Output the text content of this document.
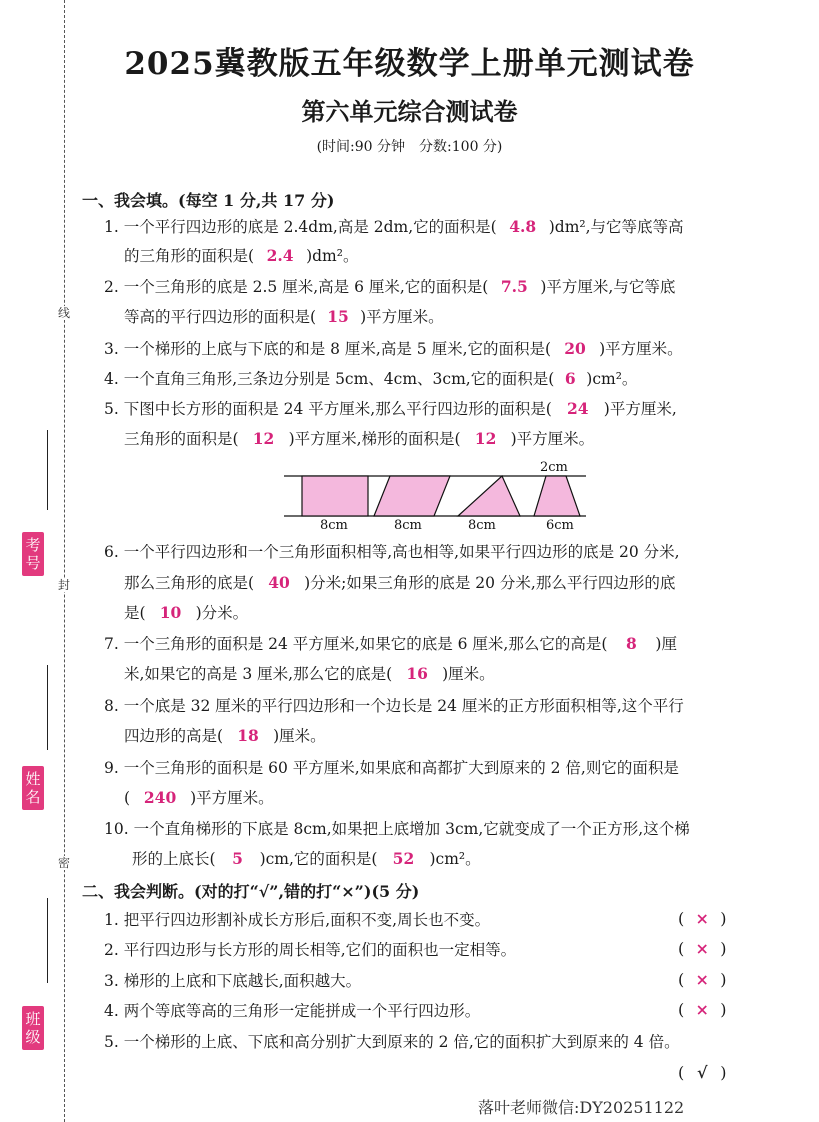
线
封
密
考号
姓名
班级
2025冀教版五年级数学上册单元测试卷
第六单元综合测试卷
(时间:90 分钟　分数:100 分)
一、我会填。(每空 1 分,共 17 分)
1. 一个平行四边形的底是 2.4dm,高是 2dm,它的面积是( 4.8 )dm²,与它等底等高
的三角形的面积是( 2.4 )dm²。
2. 一个三角形的底是 2.5 厘米,高是 6 厘米,它的面积是( 7.5 )平方厘米,与它等底
等高的平行四边形的面积是( 15 )平方厘米。
3. 一个梯形的上底与下底的和是 8 厘米,高是 5 厘米,它的面积是( 20 )平方厘米。
4. 一个直角三角形,三条边分别是 5cm、4cm、3cm,它的面积是( 6 )cm²。
5. 下图中长方形的面积是 24 平方厘米,那么平行四边形的面积是( 24 )平方厘米,
三角形的面积是( 12 )平方厘米,梯形的面积是( 12 )平方厘米。
2cm
8cm	8cm	8cm	6cm
6. 一个平行四边形和一个三角形面积相等,高也相等,如果平行四边形的底是 20 分米,
那么三角形的底是( 40 )分米;如果三角形的底是 20 分米,那么平行四边形的底
是( 10 )分米。
7. 一个三角形的面积是 24 平方厘米,如果它的底是 6 厘米,那么它的高是( 8 )厘
米,如果它的高是 3 厘米,那么它的底是( 16 )厘米。
8. 一个底是 32 厘米的平行四边形和一个边长是 24 厘米的正方形面积相等,这个平行
四边形的高是( 18 )厘米。
9. 一个三角形的面积是 60 平方厘米,如果底和高都扩大到原来的 2 倍,则它的面积是
( 240 )平方厘米。
10. 一个直角梯形的下底是 8cm,如果把上底增加 3cm,它就变成了一个正方形,这个梯
形的上底长( 5 )cm,它的面积是( 52 )cm²。
二、我会判断。(对的打“√”,错的打“×”)(5 分)
1. 把平行四边形割补成长方形后,面积不变,周长也不变。	( × )
2. 平行四边形与长方形的周长相等,它们的面积也一定相等。	( × )
3. 梯形的上底和下底越长,面积越大。	( × )
4. 两个等底等高的三角形一定能拼成一个平行四边形。	( × )
5. 一个梯形的上底、下底和高分别扩大到原来的 2 倍,它的面积扩大到原来的 4 倍。
( √ )
落叶老师微信:DY20251122
